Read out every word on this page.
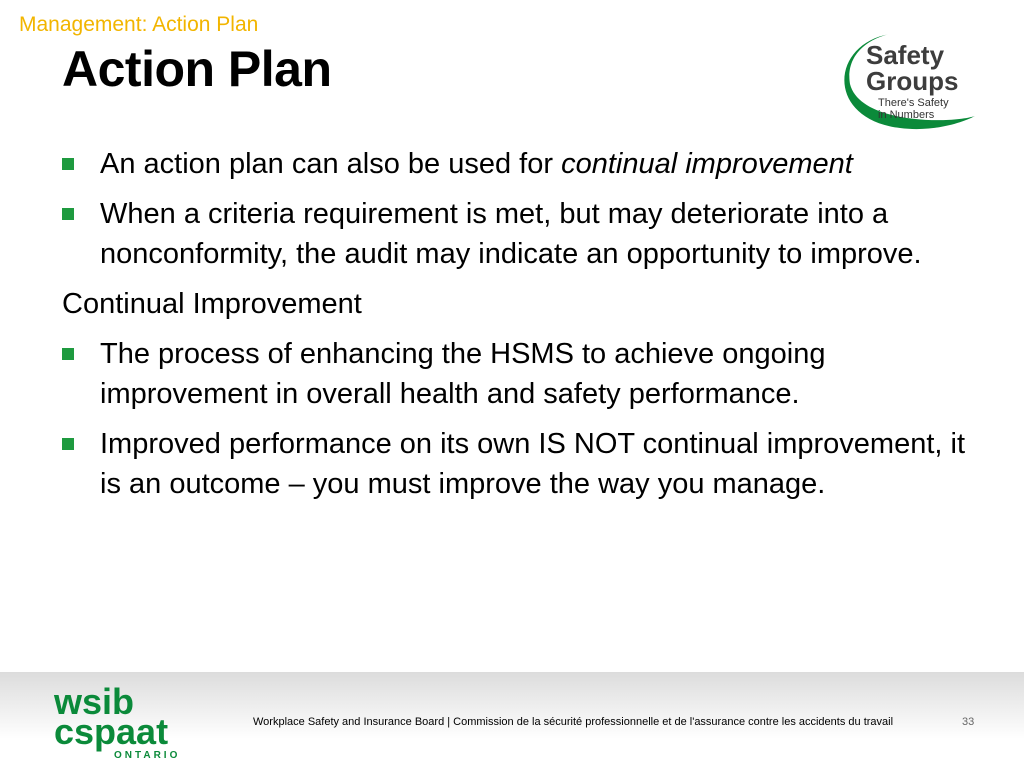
Management: Action Plan
Action Plan	Safety
Groups
There's Safety
in Numbers
An action plan can also be used for continual improvement
When a criteria requirement is met, but may deteriorate into a nonconformity, the audit may indicate an opportunity to improve.
Continual Improvement
The process of enhancing the HSMS to achieve ongoing improvement in overall health and safety performance.
Improved performance on its own IS NOT continual improvement, it is an outcome – you must improve the way you manage.
wsib
cspaat
ONTARIO
Workplace Safety and Insurance Board | Commission de la sécurité professionnelle et de l'assurance contre les accidents du travail	33
